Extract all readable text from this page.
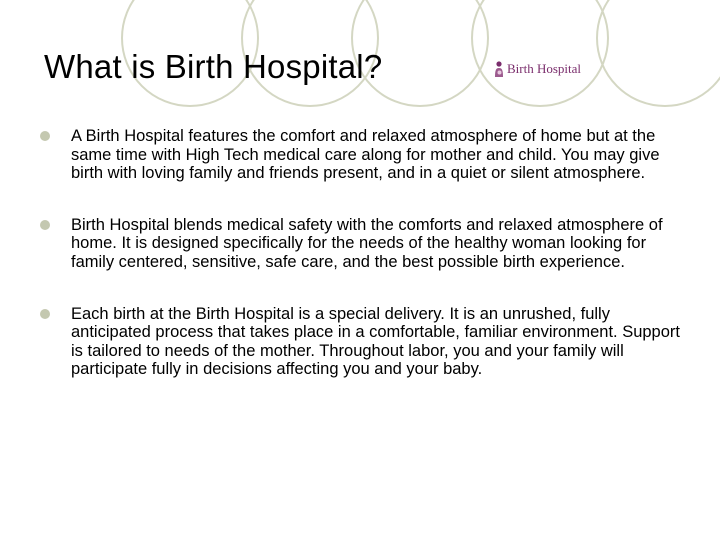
What is Birth Hospital?	Birth Hospital
A Birth Hospital features the comfort and relaxed atmosphere of home but at the same time with High Tech medical care along for mother and child. You may give birth with loving family and friends present, and in a quiet or silent atmosphere.
Birth Hospital blends medical safety with the comforts and relaxed atmosphere of home. It is designed specifically for the needs of the healthy woman looking for family centered, sensitive, safe care, and the best possible birth experience.
Each birth at the Birth Hospital is a special delivery. It is an unrushed, fully anticipated process that takes place in a comfortable, familiar environment. Support is tailored to needs of the mother. Throughout labor, you and your family will participate fully in decisions affecting you and your baby.
